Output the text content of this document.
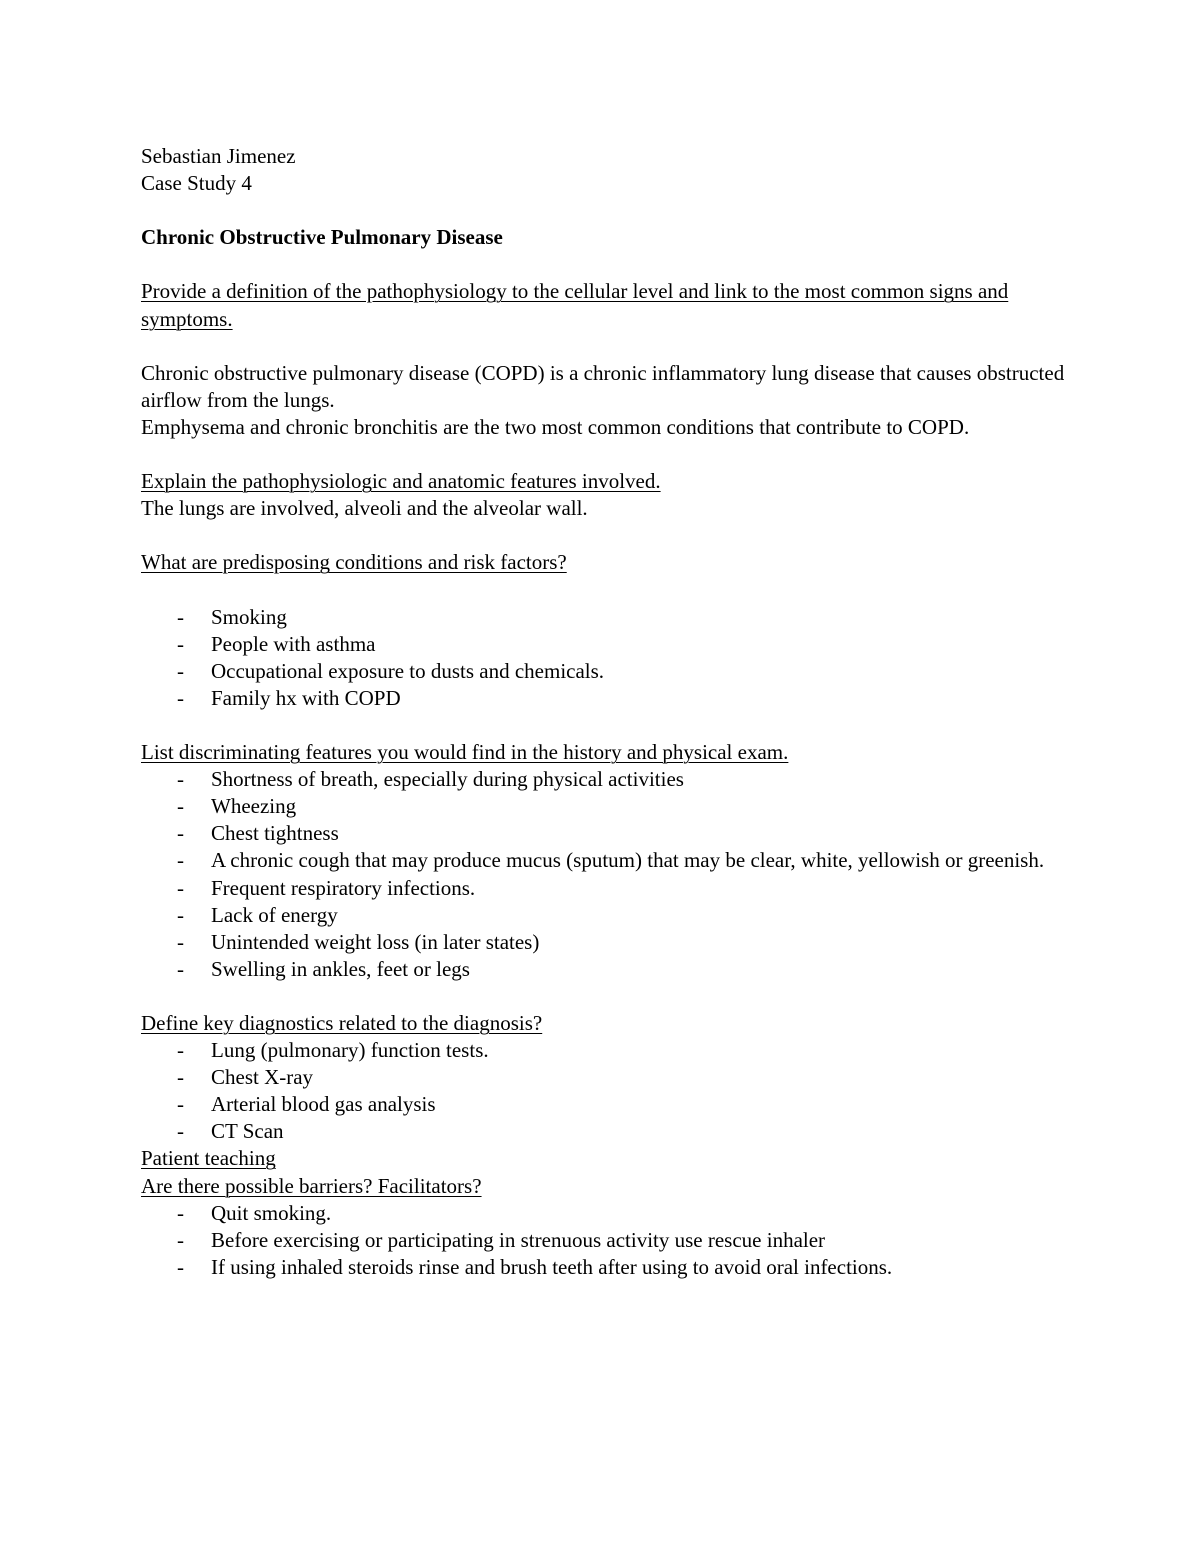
Sebastian Jimenez
Case Study 4
Chronic Obstructive Pulmonary Disease
Provide a definition of the pathophysiology to the cellular level and link to the most common signs and symptoms.
Chronic obstructive pulmonary disease (COPD) is a chronic inflammatory lung disease that causes obstructed airflow from the lungs.
Emphysema and chronic bronchitis are the two most common conditions that contribute to COPD.
Explain the pathophysiologic and anatomic features involved.
The lungs are involved, alveoli and the alveolar wall.
What are predisposing conditions and risk factors?
- Smoking
- People with asthma
- Occupational exposure to dusts and chemicals.
- Family hx with COPD
List discriminating features you would find in the history and physical exam.
- Shortness of breath, especially during physical activities
- Wheezing
- Chest tightness
- A chronic cough that may produce mucus (sputum) that may be clear, white, yellowish or greenish.
- Frequent respiratory infections.
- Lack of energy
- Unintended weight loss (in later states)
- Swelling in ankles, feet or legs
Define key diagnostics related to the diagnosis?
- Lung (pulmonary) function tests.
- Chest X-ray
- Arterial blood gas analysis
- CT Scan
Patient teaching
Are there possible barriers? Facilitators?
- Quit smoking.
- Before exercising or participating in strenuous activity use rescue inhaler
- If using inhaled steroids rinse and brush teeth after using to avoid oral infections.
